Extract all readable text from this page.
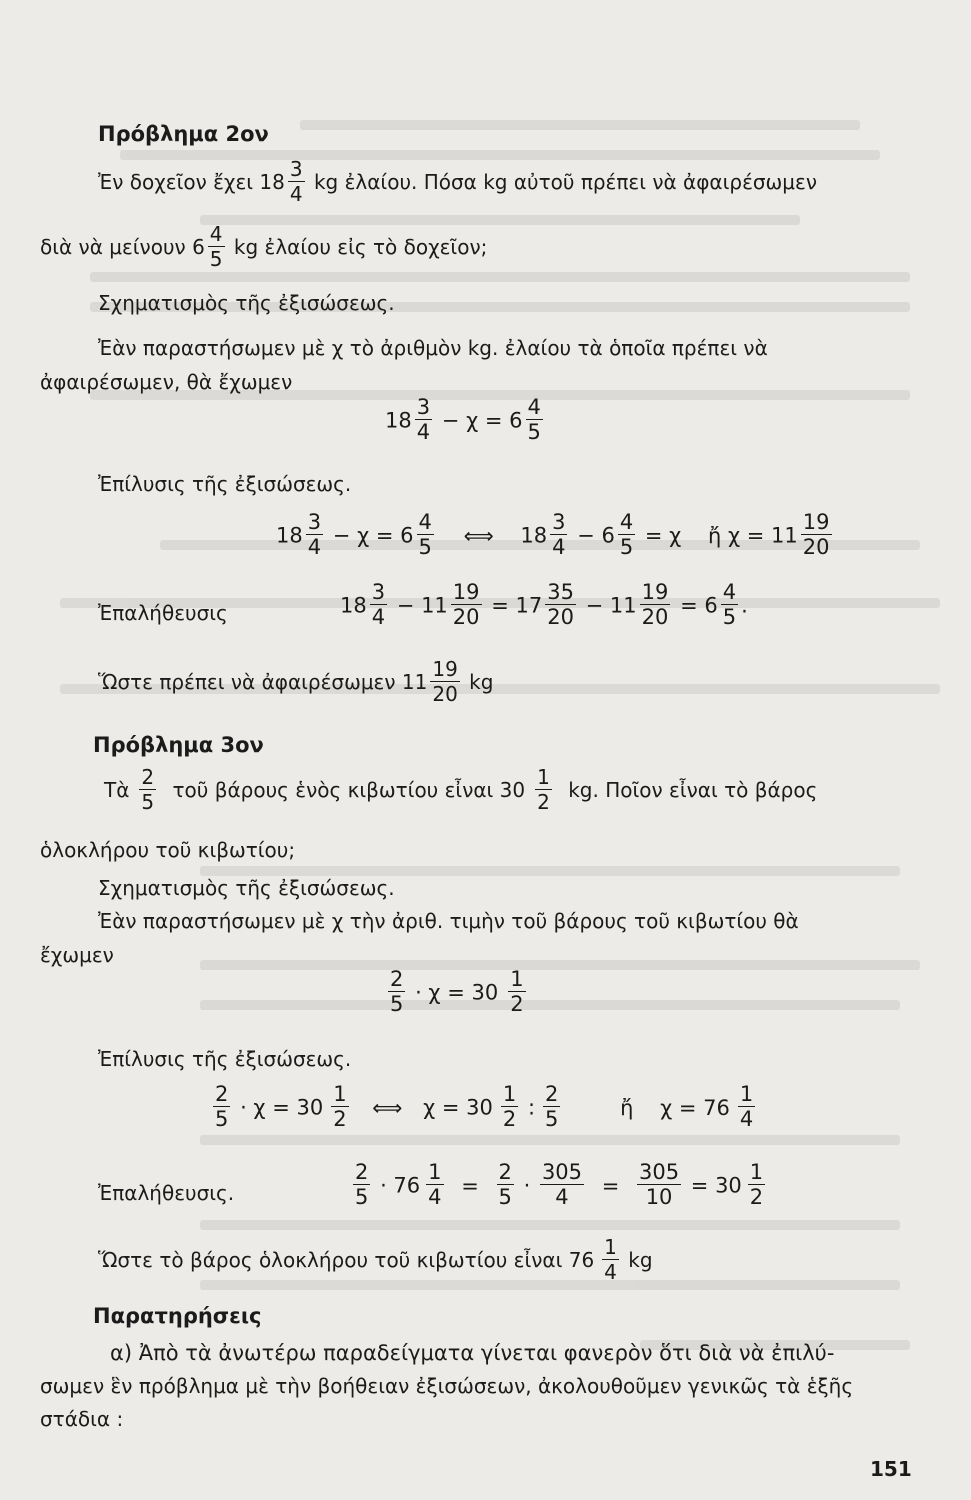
Πρόβλημα 2ον
Ἐν δοχεῖον ἔχει $18 \frac{3}{4}$ kg ἐλαίου. Πόσα kg αὐτοῦ πρέπει νὰ ἀφαιρέσωμεν
διὰ νὰ μείνουν $6 \frac{4}{5}$ kg ἐλαίου εἰς τὸ δοχεῖον;
Σχηματισμὸς τῆς ἐξισώσεως.
Ἐὰν παραστήσωμεν μὲ χ τὸ ἀριθμὸν kg. ἐλαίου τὰ ὁποῖα πρέπει νὰ
ἀφαιρέσωμεν, θὰ ἔχωμεν
$18 \frac{3}{4} - \chi = 6 \frac{4}{5}$
Ἐπίλυσις τῆς ἐξισώσεως.
$18 \frac{3}{4} - \chi = 6 \frac{4}{5}$ ⟺ $18 \frac{3}{4} - 6 \frac{4}{5} = \chi$ ἤ $\chi = 11 \frac{19}{20}$
Ἐπαλήθευσις	$18 \frac{3}{4} - 11 \frac{19}{20} = 17 \frac{35}{20} - 11 \frac{19}{20} = 6 \frac{4}{5}$ .
Ὥστε πρέπει νὰ ἀφαιρέσωμεν $11 \frac{19}{20}$ kg
Πρόβλημα 3ον
Τὰ $\frac{2}{5}$ τοῦ βάρους ἑνὸς κιβωτίου εἶναι $30 \frac{1}{2}$ kg. Ποῖον εἶναι τὸ βάρος
ὁλοκλήρου τοῦ κιβωτίου;
Σχηματισμὸς τῆς ἐξισώσεως.
Ἐὰν παραστήσωμεν μὲ χ τὴν ἀριθ. τιμὴν τοῦ βάρους τοῦ κιβωτίου θὰ
ἔχωμεν
$\frac{2}{5} \cdot \chi = 30 \frac{1}{2}$
Ἐπίλυσις τῆς ἐξισώσεως.
$\frac{2}{5} \cdot \chi = 30 \frac{1}{2}$ ⟺ $\chi = 30 \frac{1}{2}$ : $\frac{2}{5}$	ἤ $\chi = 76 \frac{1}{4}$
Ἐπαλήθευσις.	$\frac{2}{5} \cdot 76 \frac{1}{4} = \frac{2}{5} \cdot \frac{305}{4} = \frac{305}{10} = 30 \frac{1}{2}$
Ὥστε τὸ βάρος ὁλοκλήρου τοῦ κιβωτίου εἶναι $76 \frac{1}{4}$ kg
Παρατηρήσεις
α) Ἀπὸ τὰ ἀνωτέρω παραδείγματα γίνεται φανερὸν ὅτι διὰ νὰ ἐπιλύ-
σωμεν ἓν πρόβλημα μὲ τὴν βοήθειαν ἐξισώσεων, ἀκολουθοῦμεν γενικῶς τὰ ἑξῆς
στάδια :
151
